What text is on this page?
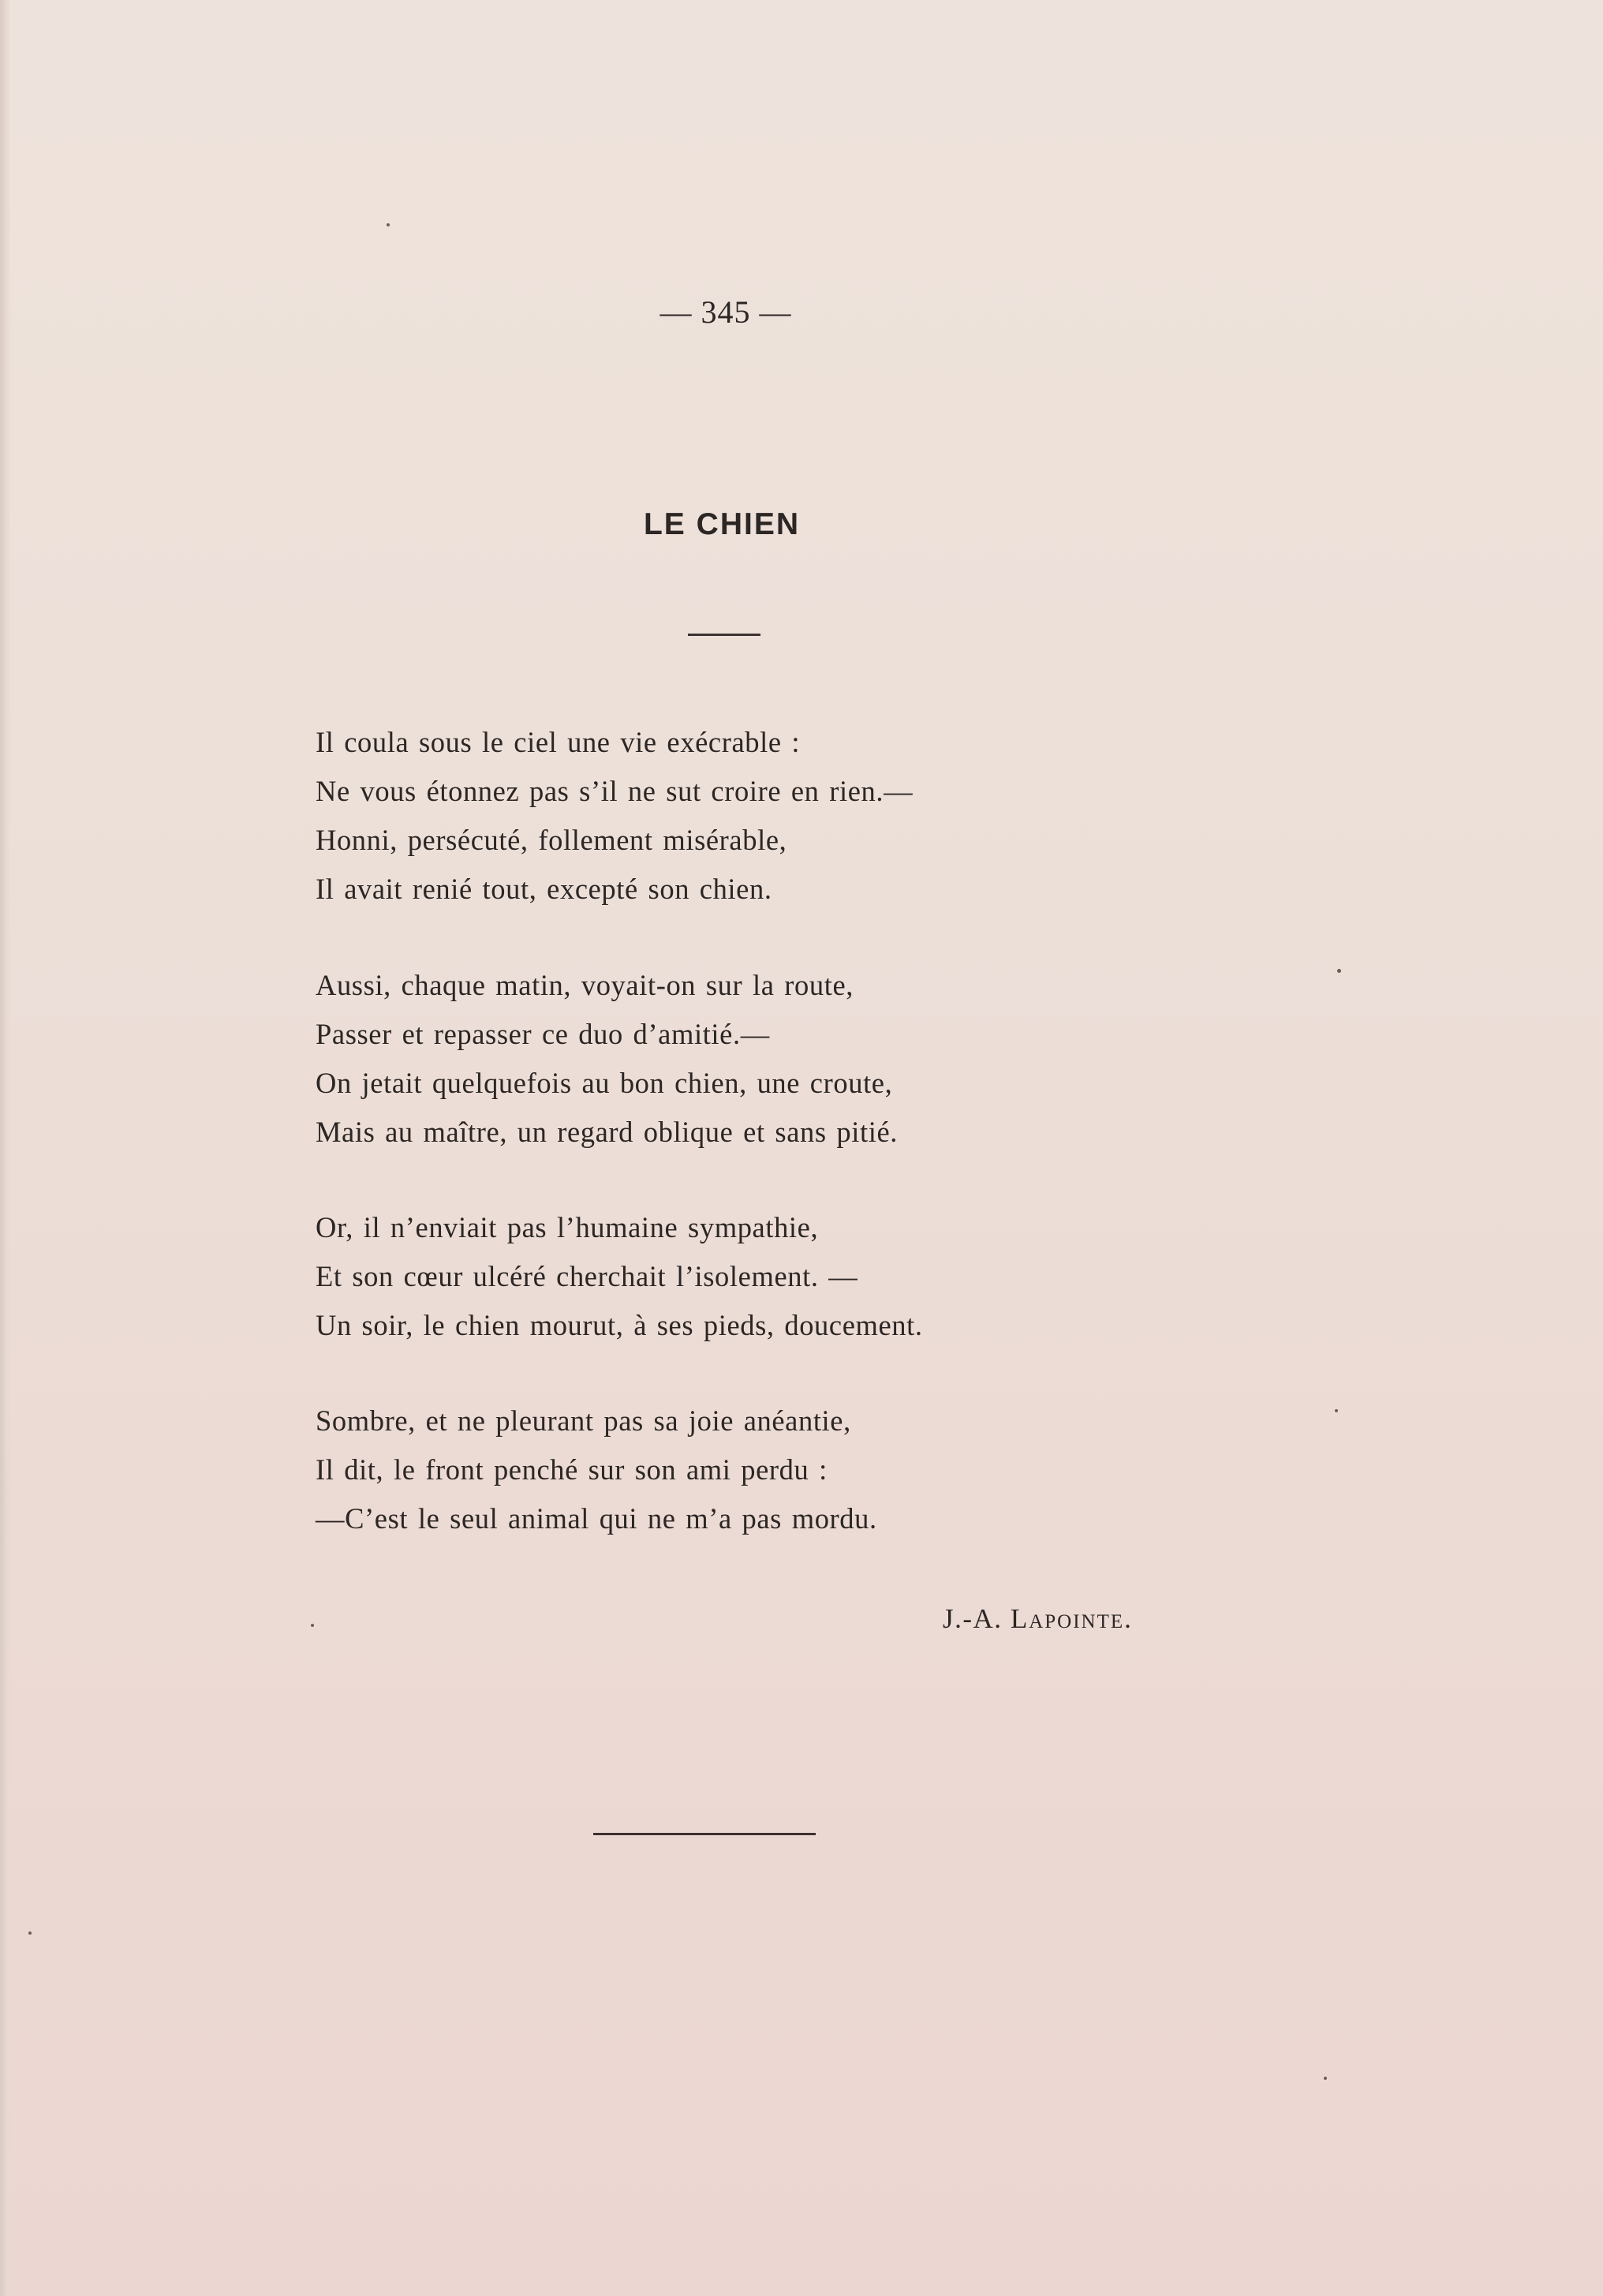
— 345 —
LE CHIEN
Il coula sous le ciel une vie exécrable :
Ne vous étonnez pas s’il ne sut croire en rien.—
Honni, persécuté, follement misérable,
Il avait renié tout, excepté son chien.
Aussi, chaque matin, voyait-on sur la route,
Passer et repasser ce duo d’amitié.—
On jetait quelquefois au bon chien, une croute,
Mais au maître, un regard oblique et sans pitié.
Or, il n’enviait pas l’humaine sympathie,
Et son cœur ulcéré cherchait l’isolement. —
Un soir, le chien mourut, à ses pieds, doucement.
Sombre, et ne pleurant pas sa joie anéantie,
Il dit, le front penché sur son ami perdu :
—C’est le seul animal qui ne m’a pas mordu.
J.-A. Lapointe.
